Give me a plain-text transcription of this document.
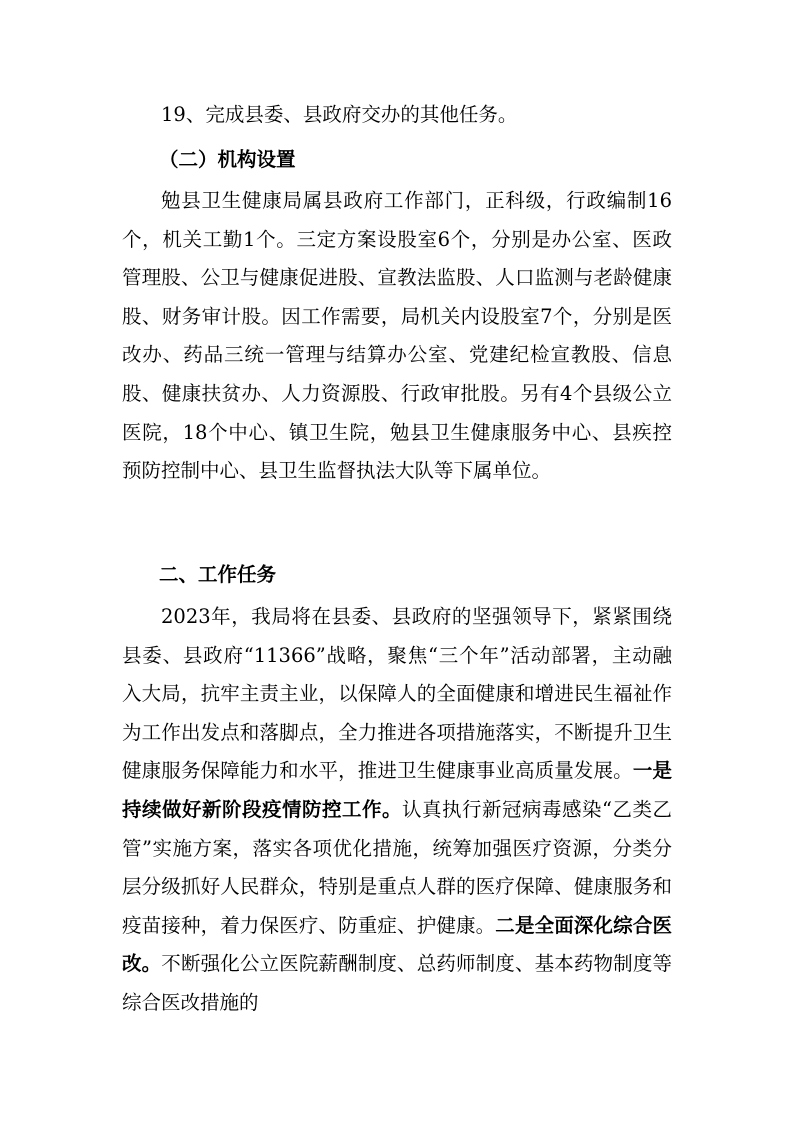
19、完成县委、县政府交办的其他任务。

（二）机构设置

勉县卫生健康局属县政府工作部门，正科级，行政编制16个，机关工勤1个。三定方案设股室6个，分别是办公室、医政管理股、公卫与健康促进股、宣教法监股、人口监测与老龄健康股、财务审计股。因工作需要，局机关内设股室7个，分别是医改办、药品三统一管理与结算办公室、党建纪检宣教股、信息股、健康扶贫办、人力资源股、行政审批股。另有4个县级公立医院，18个中心、镇卫生院，勉县卫生健康服务中心、县疾控预防控制中心、县卫生监督执法大队等下属单位。

二、工作任务

2023年，我局将在县委、县政府的坚强领导下，紧紧围绕县委、县政府“11366”战略，聚焦“三个年”活动部署，主动融入大局，抗牢主责主业，以保障人的全面健康和增进民生福祉作为工作出发点和落脚点，全力推进各项措施落实，不断提升卫生健康服务保障能力和水平，推进卫生健康事业高质量发展。一是持续做好新阶段疫情防控工作。认真执行新冠病毒感染“乙类乙管”实施方案，落实各项优化措施，统筹加强医疗资源，分类分层分级抓好人民群众，特别是重点人群的医疗保障、健康服务和疫苗接种，着力保医疗、防重症、护健康。二是全面深化综合医改。不断强化公立医院薪酬制度、总药师制度、基本药物制度等综合医改措施的
